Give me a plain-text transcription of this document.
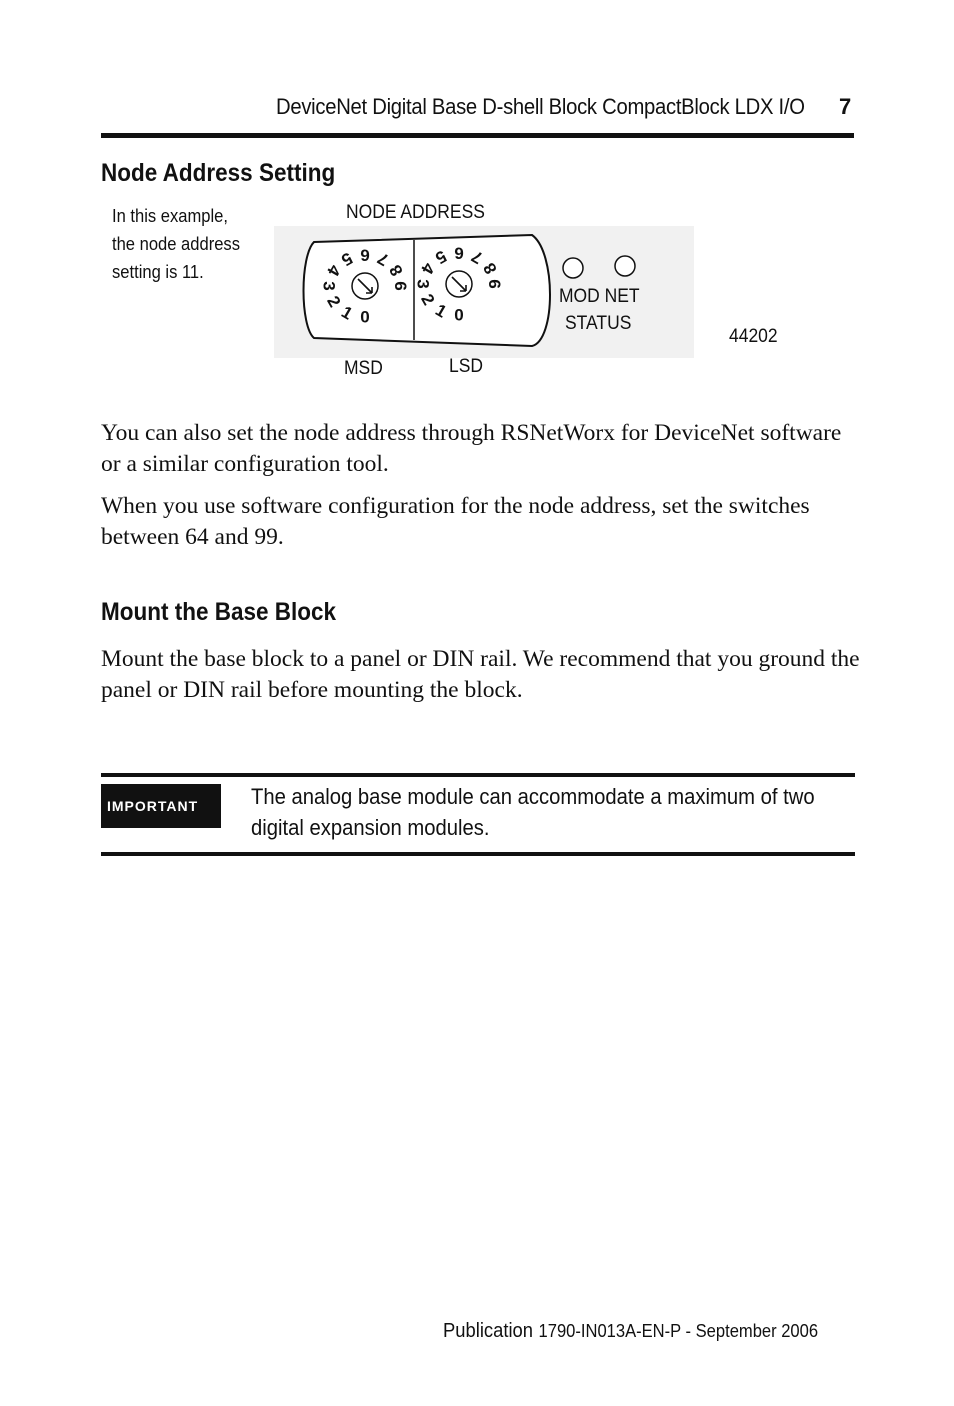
DeviceNet Digital Base D-shell Block CompactBlock LDX I/O 7
Node Address Setting
In this example, the node address setting is 11.
NODE ADDRESS
0
1
2
3
4
5 6 7
8
9
0
1
2
3
4
5 6 7
8
9
MOD NET
STATUS
44202
MSD	LSD
You can also set the node address through RSNetWorx for DeviceNet software or a similar configuration tool.
When you use software configuration for the node address, set the switches between 64 and 99.
Mount the Base Block
Mount the base block to a panel or DIN rail. We recommend that you ground the panel or DIN rail before mounting the block.
IMPORTANT	The analog base module can accommodate a maximum of two digital expansion modules.
Publication 1790-IN013A-EN-P - September 2006
